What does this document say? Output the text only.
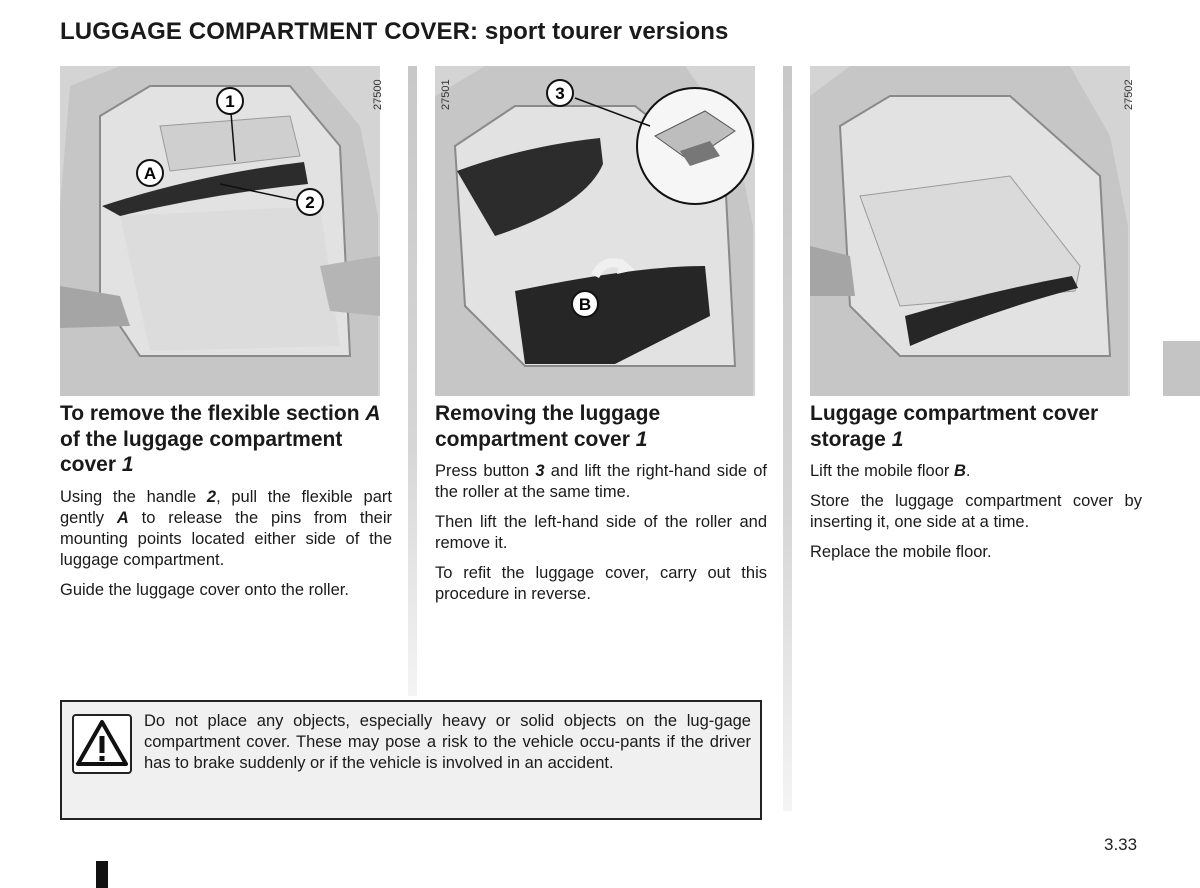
LUGGAGE COMPARTMENT COVER: sport tourer versions
1
2
A
27500	3
B
27501	27502
To remove the flexible section A of the luggage compartment cover 1

Using the handle 2, pull the flexible part gently A to release the pins from their mounting points located either side of the luggage compartment.

Guide the luggage cover onto the roller.

Removing the luggage compartment cover 1

Press button 3 and lift the right-hand side of the roller at the same time.

Then lift the left-hand side of the roller and remove it.

To refit the luggage cover, carry out this procedure in reverse.

Luggage compartment cover storage 1

Lift the mobile floor B.

Store the luggage compartment cover by inserting it, one side at a time.

Replace the mobile floor.

Do not place any objects, especially heavy or solid objects on the lug-gage compartment cover. These may pose a risk to the vehicle occu-pants if the driver has to brake suddenly or if the vehicle is involved in an accident.
3.33
